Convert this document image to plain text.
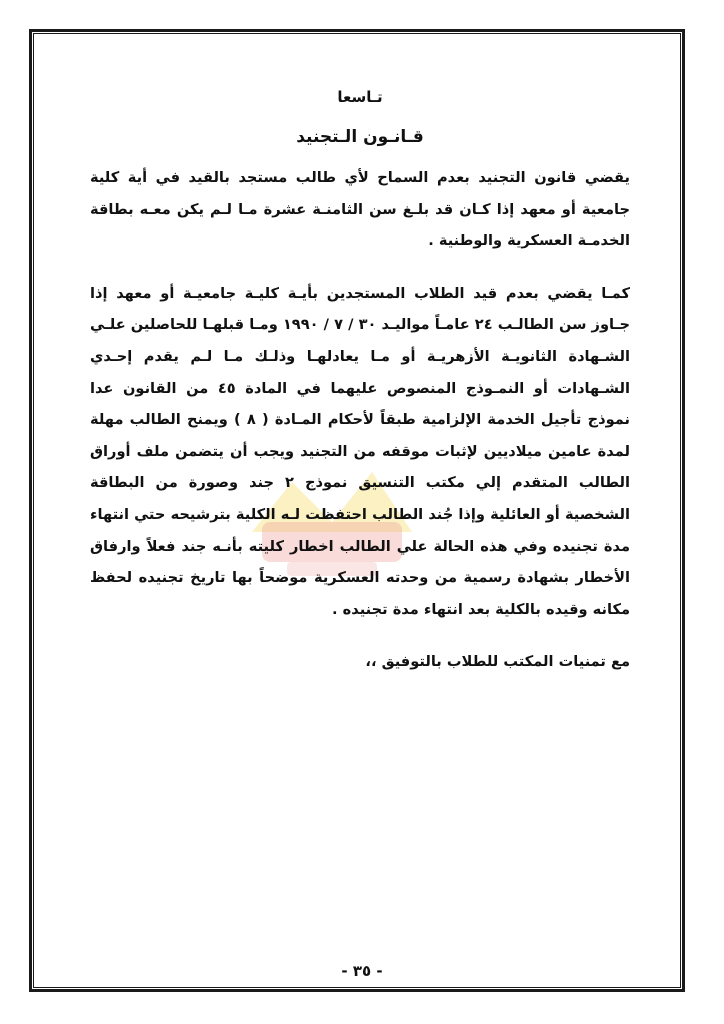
تـاسعا
قـانـون الـتجنيد

يقضي قانون التجنيد بعدم السماح لأي طالب مستجد بالقيد في أية كلية جامعية أو معهد إذا كـان قد بلـغ سن الثامنـة عشرة مـا لـم يكن معـه بطاقة الخدمـة العسكرية والوطنية .

كمـا يقضي بعدم قيد الطلاب المستجدين بأيـة كليـة جامعيـة أو معهد إذا جـاوز سن الطالـب ٢٤ عامـاً مواليـد ٣٠ / ٧ / ١٩٩٠ ومـا قبلهـا للحاصلين علـي الشـهادة الثانويـة الأزهريـة أو مـا يعادلهـا وذلـك مـا لـم يقدم إحـدي الشـهادات أو النمـوذج المنصوص عليهما في المادة ٤٥ من القانون عدا نموذج تأجيل الخدمة الإلزامية طبقاً لأحكام المـادة ( ٨ ) ويمنح الطالب مهلة لمدة عامين ميلاديين لإثبات موقفه من التجنيد ويجب أن يتضمن ملف أوراق الطالب المتقدم إلي مكتب التنسيق نموذج ٢ جند وصورة من البطاقة الشخصية أو العائلية وإذا جُند الطالب احتفظت لـه الكلية بترشيحه حتي انتهاء مدة تجنيده وفي هذه الحالة علي الطالب اخطار كليته بأنـه جند فعلاً وارفاق الأخطار بشهادة رسمية من وحدته العسكرية موضحاً بها تاريخ تجنيده لحفظ مكانه وقيده بالكلية بعد انتهاء مدة تجنيده .

مع تمنيات المكتب للطلاب بالتوفيق ،،

- ٣٥ -
